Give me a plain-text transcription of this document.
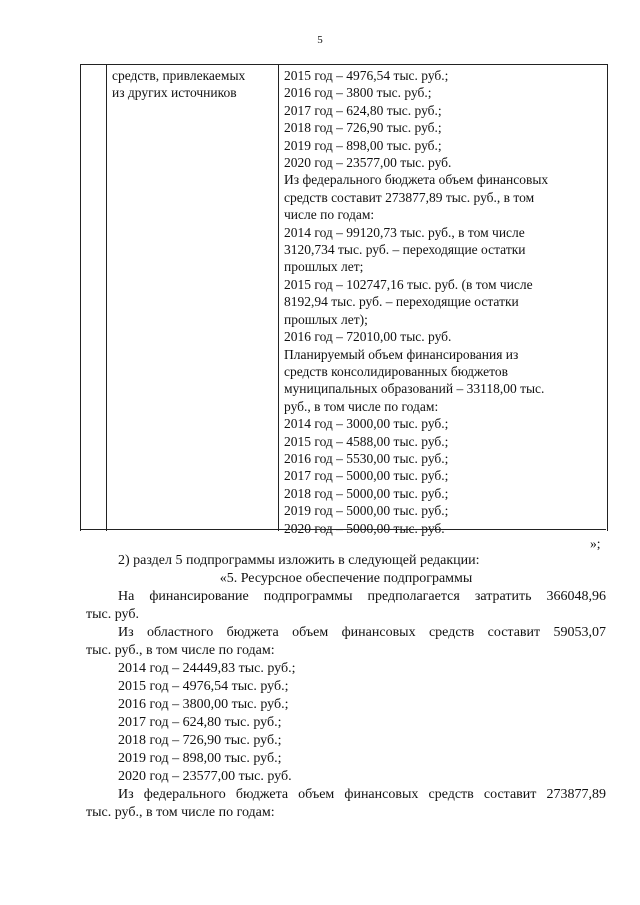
5
средств, привлекаемых
из других источников
2015 год – 4976,54 тыс. руб.;
2016 год – 3800 тыс. руб.;
2017 год – 624,80 тыс. руб.;
2018 год – 726,90 тыс. руб.;
2019 год – 898,00 тыс. руб.;
2020 год – 23577,00 тыс. руб.
Из федерального бюджета объем финансовых
средств составит 273877,89 тыс. руб., в том
числе по годам:
2014 год – 99120,73 тыс. руб., в том числе
3120,734 тыс. руб. – переходящие остатки
прошлых лет;
2015 год – 102747,16 тыс. руб. (в том числе
8192,94 тыс. руб. – переходящие остатки
прошлых лет);
2016 год – 72010,00 тыс. руб.
Планируемый объем финансирования из
средств консолидированных бюджетов
муниципальных образований – 33118,00 тыс.
руб., в том числе по годам:
2014 год – 3000,00 тыс. руб.;
2015 год – 4588,00 тыс. руб.;
2016 год – 5530,00 тыс. руб.;
2017 год – 5000,00 тыс. руб.;
2018 год – 5000,00 тыс. руб.;
2019 год – 5000,00 тыс. руб.;
2020 год – 5000,00 тыс. руб.
»;
2) раздел 5 подпрограммы изложить в следующей редакции:
«5. Ресурсное обеспечение подпрограммы
На финансирование подпрограммы предполагается затратить 366048,96
тыс. руб.
Из областного бюджета объем финансовых средств составит 59053,07
тыс. руб., в том числе по годам:
2014 год – 24449,83 тыс. руб.;
2015 год – 4976,54 тыс. руб.;
2016 год – 3800,00 тыс. руб.;
2017 год – 624,80 тыс. руб.;
2018 год – 726,90 тыс. руб.;
2019 год – 898,00 тыс. руб.;
2020 год – 23577,00 тыс. руб.
Из федерального бюджета объем финансовых средств составит 273877,89
тыс. руб., в том числе по годам:
